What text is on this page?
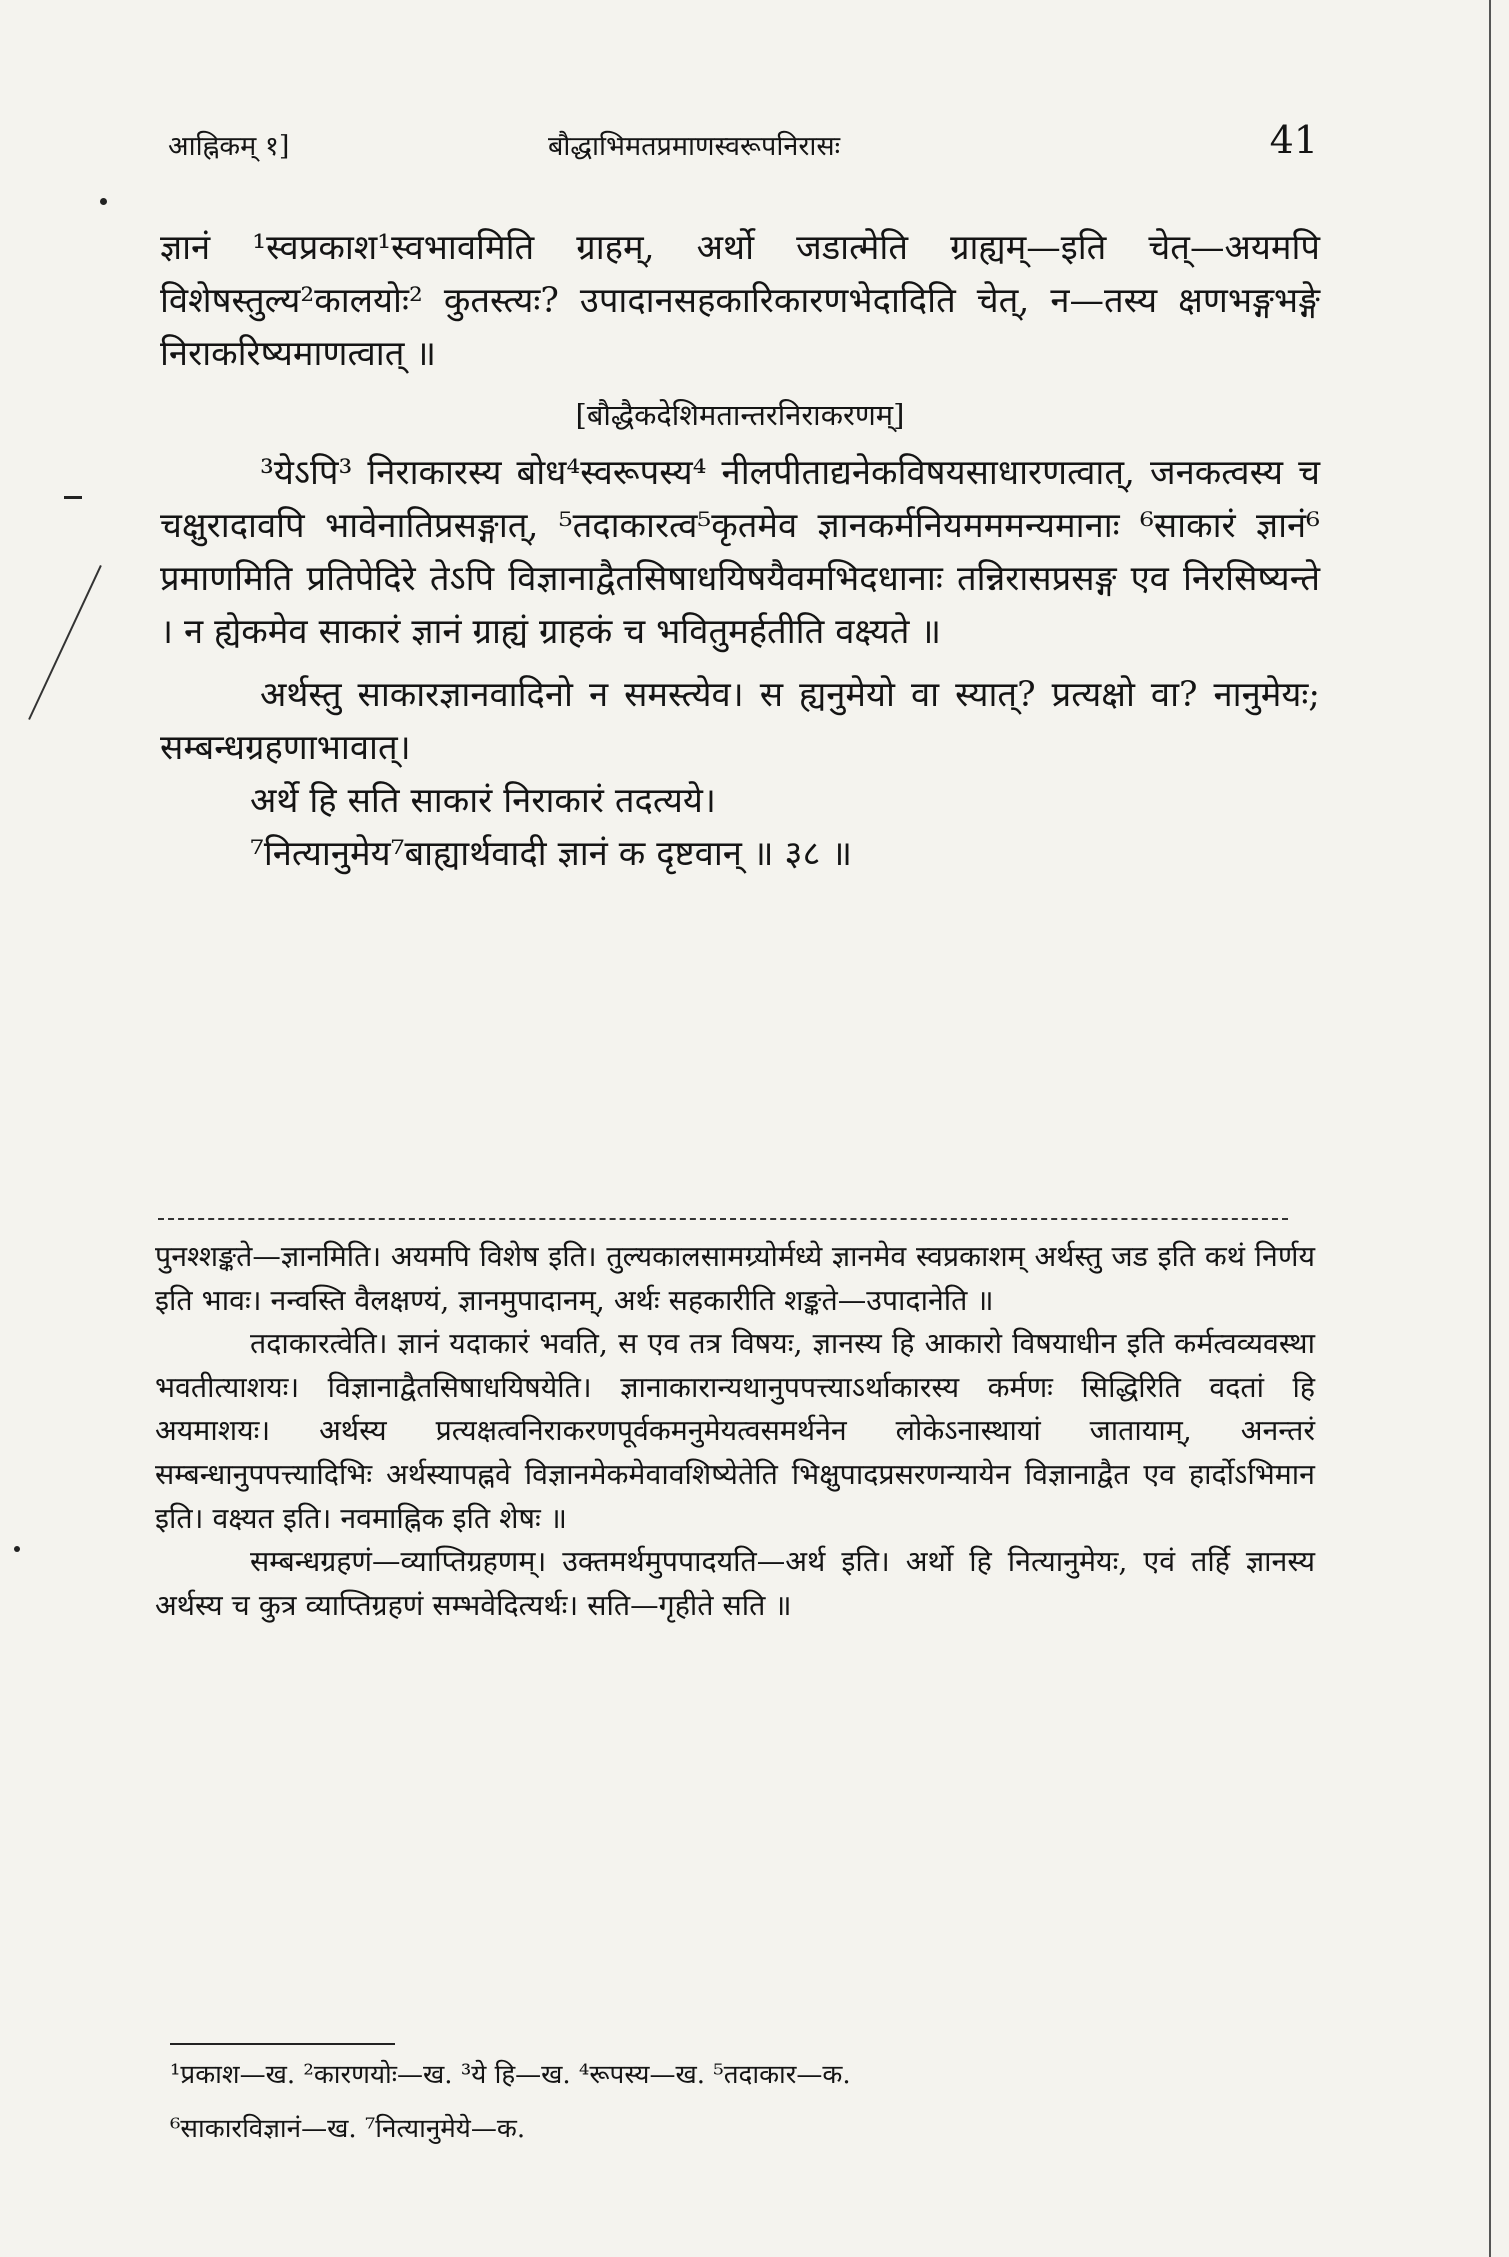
आह्निकम् १]	बौद्धाभिमतप्रमाणस्वरूपनिरासः	41

ज्ञानं ¹स्वप्रकाश¹स्वभावमिति ग्राहम्, अर्थो जडात्मेति ग्राह्यम्—इति चेत्—अयमपि विशेषस्तुल्य²कालयोः² कुतस्त्यः? उपादानसहकारिकारणभेदादिति चेत्, न—तस्य क्षणभङ्गभङ्गे निराकरिष्यमाणत्वात् ॥

[बौद्धैकदेशिमतान्तरनिराकरणम्]

³येऽपि³ निराकारस्य बोध⁴स्वरूपस्य⁴ नीलपीताद्यनेकविषयसाधारणत्वात्, जनकत्वस्य च चक्षुरादावपि भावेनातिप्रसङ्गात्, ⁵तदाकारत्व⁵कृतमेव ज्ञानकर्मनियमममन्यमानाः ⁶साकारं ज्ञानं⁶ प्रमाणमिति प्रतिपेदिरे तेऽपि विज्ञानाद्वैतसिषाधयिषयैवमभिदधानाः तन्निरासप्रसङ्ग एव निरसिष्यन्ते । न ह्येकमेव साकारं ज्ञानं ग्राह्यं ग्राहकं च भवितुमर्हतीति वक्ष्यते ॥

अर्थस्तु साकारज्ञानवादिनो न समस्त्येव। स ह्यनुमेयो वा स्यात्? प्रत्यक्षो वा? नानुमेयः; सम्बन्धग्रहणाभावात्।

अर्थे हि सति साकारं निराकारं तदत्यये।
⁷नित्यानुमेय⁷बाह्यार्थवादी ज्ञानं क दृष्टवान् ॥ ३८ ॥

पुनश्शङ्कते—ज्ञानमिति। अयमपि विशेष इति। तुल्यकालसामग्र्योर्मध्ये ज्ञानमेव स्वप्रकाशम् अर्थस्तु जड इति कथं निर्णय इति भावः। नन्वस्ति वैलक्षण्यं, ज्ञानमुपादानम्, अर्थः सहकारीति शङ्कते—उपादानेति ॥

तदाकारत्वेति। ज्ञानं यदाकारं भवति, स एव तत्र विषयः, ज्ञानस्य हि आकारो विषयाधीन इति कर्मत्वव्यवस्था भवतीत्याशयः। विज्ञानाद्वैतसिषाधयिषयेति। ज्ञानाकारान्यथानुपपत्त्याऽर्थाकारस्य कर्मणः सिद्धिरिति वदतां हि अयमाशयः। अर्थस्य प्रत्यक्षत्वनिराकरणपूर्वकमनुमेयत्वसमर्थनेन लोकेऽनास्थायां जातायाम्, अनन्तरं सम्बन्धानुपपत्त्यादिभिः अर्थस्यापह्नवे विज्ञानमेकमेवावशिष्येतेति भिक्षुपादप्रसरणन्यायेन विज्ञानाद्वैत एव हार्दोऽभिमान इति। वक्ष्यत इति। नवमाह्निक इति शेषः ॥

सम्बन्धग्रहणं—व्याप्तिग्रहणम्। उक्तमर्थमुपपादयति—अर्थ इति। अर्थो हि नित्यानुमेयः, एवं तर्हि ज्ञानस्य अर्थस्य च कुत्र व्याप्तिग्रहणं सम्भवेदित्यर्थः। सति—गृहीते सति ॥

¹प्रकाश—ख. ²कारणयोः—ख. ³ये हि—ख. ⁴रूपस्य—ख. ⁵तदाकार—क.
⁶साकारविज्ञानं—ख. ⁷नित्यानुमेये—क.
